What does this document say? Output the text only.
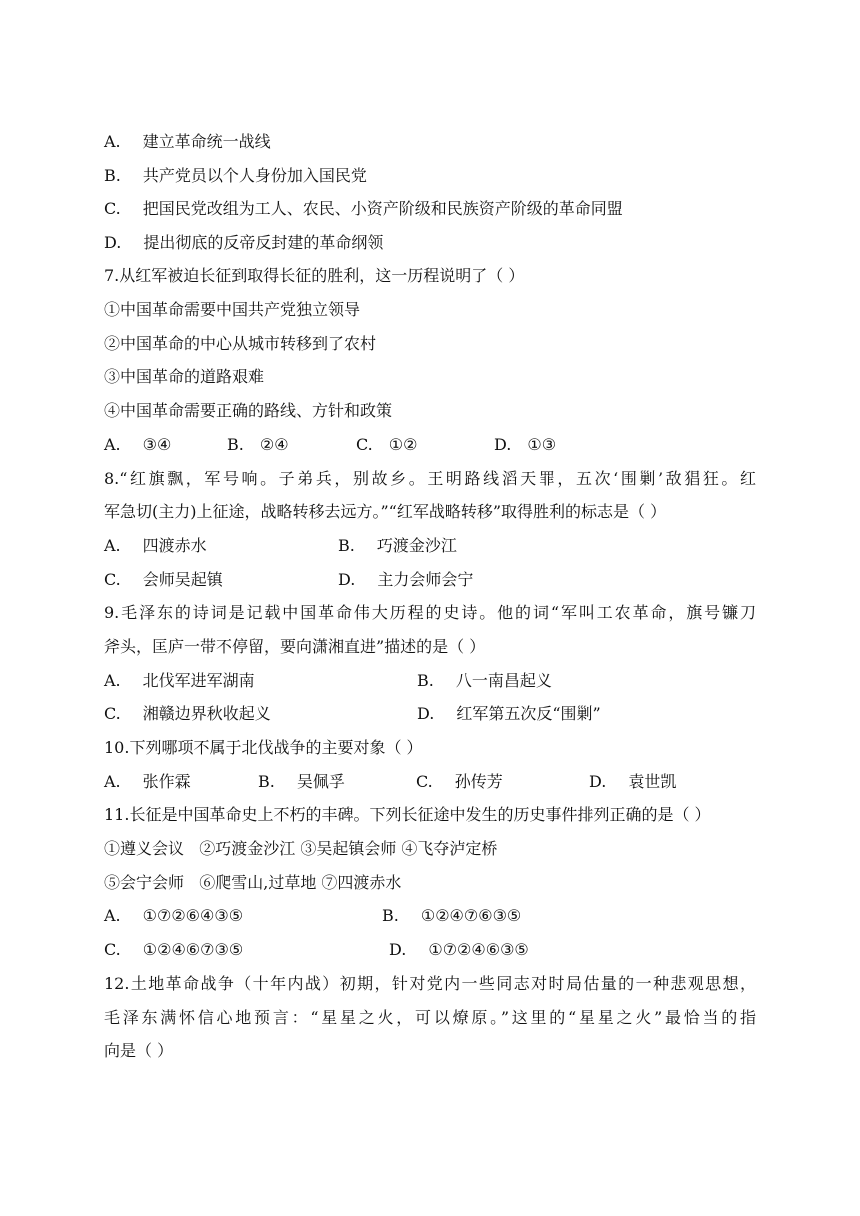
A. 建立革命统一战线
B. 共产党员以个人身份加入国民党
C. 把国民党改组为工人、农民、小资产阶级和民族资产阶级的革命同盟
D. 提出彻底的反帝反封建的革命纲领
7.从红军被迫长征到取得长征的胜利，这一历程说明了（ ）
①中国革命需要中国共产党独立领导
②中国革命的中心从城市转移到了农村
③中国革命的道路艰难
④中国革命需要正确的路线、方针和政策
A. ③④	B. ②④	C. ①②	D. ①③
8.“红旗飘，军号响。子弟兵，别故乡。王明路线滔天罪，五次‘围剿’敌猖狂。红
军急切(主力)上征途，战略转移去远方。”“红军战略转移”取得胜利的标志是（ ）
A. 四渡赤水	B. 巧渡金沙江
C. 会师吴起镇	D. 主力会师会宁
9.毛泽东的诗词是记载中国革命伟大历程的史诗。他的词“军叫工农革命，旗号镰刀
斧头，匡庐一带不停留，要向潇湘直进”描述的是（ ）
A. 北伐军进军湖南	B. 八一南昌起义
C. 湘赣边界秋收起义	D. 红军第五次反“围剿”
10.下列哪项不属于北伐战争的主要对象（ ）
A. 张作霖	B. 吴佩孚	C. 孙传芳	D. 袁世凯
11.长征是中国革命史上不朽的丰碑。下列长征途中发生的历史事件排列正确的是（ ）
①遵义会议   ②巧渡金沙江 ③吴起镇会师 ④飞夺泸定桥
⑤会宁会师   ⑥爬雪山,过草地 ⑦四渡赤水
A. ①⑦②⑥④③⑤	B. ①②④⑦⑥③⑤
C. ①②④⑥⑦③⑤	D. ①⑦②④⑥③⑤
12.土地革命战争（十年内战）初期，针对党内一些同志对时局估量的一种悲观思想，
毛泽东满怀信心地预言：“星星之火，可以燎原。”这里的“星星之火”最恰当的指
向是（ ）
